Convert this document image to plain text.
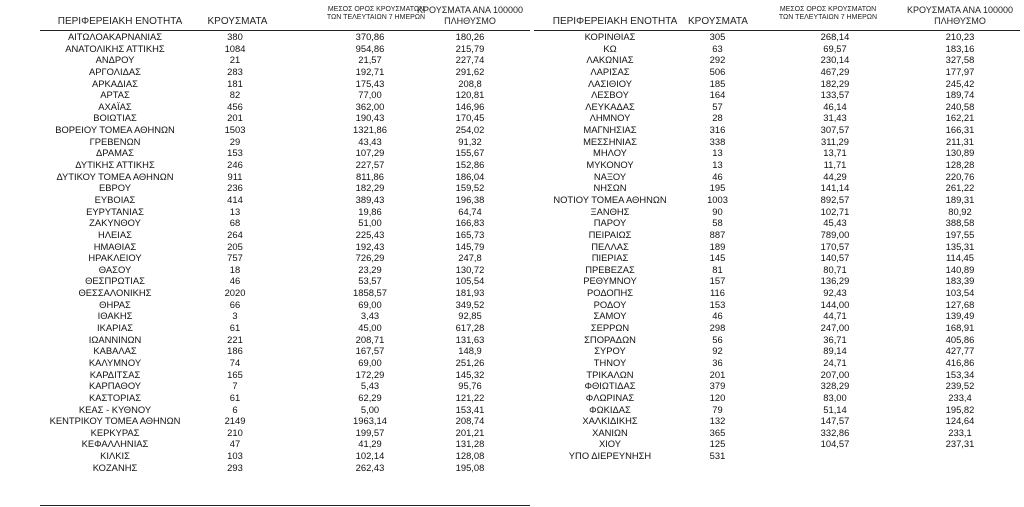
ΠΕΡΙΦΕΡΕΙΑΚΗ ΕΝΟΤΗΤΑ	ΚΡΟΥΣΜΑΤΑ
ΜΕΣΟΣ ΟΡΟΣ ΚΡΟΥΣΜΑΤΩΝ
ΤΩΝ ΤΕΛΕΥΤΑΙΩΝ 7 ΗΜΕΡΩΝ
ΚΡΟΥΣΜΑΤΑ ΑΝΑ 100000
ΠΛΗΘΥΣΜΟ
ΑΙΤΩΛΟΑΚΑΡΝΑΝΙΑΣ	380	370,86	180,26
ΑΝΑΤΟΛΙΚΗΣ ΑΤΤΙΚΗΣ	1084	954,86	215,79
ΑΝΔΡΟΥ	21	21,57	227,74
ΑΡΓΟΛΙΔΑΣ	283	192,71	291,62
ΑΡΚΑΔΙΑΣ	181	175,43	208,8
ΑΡΤΑΣ	82	77,00	120,81
ΑΧΑΪΑΣ	456	362,00	146,96
ΒΟΙΩΤΙΑΣ	201	190,43	170,45
ΒΟΡΕΙΟΥ ΤΟΜΕΑ ΑΘΗΝΩΝ	1503	1321,86	254,02
ΓΡΕΒΕΝΩΝ	29	43,43	91,32
ΔΡΑΜΑΣ	153	107,29	155,67
ΔΥΤΙΚΗΣ ΑΤΤΙΚΗΣ	246	227,57	152,86
ΔΥΤΙΚΟΥ ΤΟΜΕΑ ΑΘΗΝΩΝ	911	811,86	186,04
ΕΒΡΟΥ	236	182,29	159,52
ΕΥΒΟΙΑΣ	414	389,43	196,38
ΕΥΡΥΤΑΝΙΑΣ	13	19,86	64,74
ΖΑΚΥΝΘΟΥ	68	51,00	166,83
ΗΛΕΙΑΣ	264	225,43	165,73
ΗΜΑΘΙΑΣ	205	192,43	145,79
ΗΡΑΚΛΕΙΟΥ	757	726,29	247,8
ΘΑΣΟΥ	18	23,29	130,72
ΘΕΣΠΡΩΤΙΑΣ	46	53,57	105,54
ΘΕΣΣΑΛΟΝΙΚΗΣ	2020	1858,57	181,93
ΘΗΡΑΣ	66	69,00	349,52
ΙΘΑΚΗΣ	3	3,43	92,85
ΙΚΑΡΙΑΣ	61	45,00	617,28
ΙΩΑΝΝΙΝΩΝ	221	208,71	131,63
ΚΑΒΑΛΑΣ	186	167,57	148,9
ΚΑΛΥΜΝΟΥ	74	69,00	251,26
ΚΑΡΔΙΤΣΑΣ	165	172,29	145,32
ΚΑΡΠΑΘΟΥ	7	5,43	95,76
ΚΑΣΤΟΡΙΑΣ	61	62,29	121,22
ΚΕΑΣ - ΚΥΘΝΟΥ	6	5,00	153,41
ΚΕΝΤΡΙΚΟΥ ΤΟΜΕΑ ΑΘΗΝΩΝ	2149	1963,14	208,74
ΚΕΡΚΥΡΑΣ	210	199,57	201,21
ΚΕΦΑΛΛΗΝΙΑΣ	47	41,29	131,28
ΚΙΛΚΙΣ	103	102,14	128,08
ΚΟΖΑΝΗΣ	293	262,43	195,08
ΠΕΡΙΦΕΡΕΙΑΚΗ ΕΝΟΤΗΤΑ	ΚΡΟΥΣΜΑΤΑ
ΜΕΣΟΣ ΟΡΟΣ ΚΡΟΥΣΜΑΤΩΝ
ΤΩΝ ΤΕΛΕΥΤΑΙΩΝ 7 ΗΜΕΡΩΝ
ΚΡΟΥΣΜΑΤΑ ΑΝΑ 100000
ΠΛΗΘΥΣΜΟ
ΚΟΡΙΝΘΙΑΣ	305	268,14	210,23
ΚΩ	63	69,57	183,16
ΛΑΚΩΝΙΑΣ	292	230,14	327,58
ΛΑΡΙΣΑΣ	506	467,29	177,97
ΛΑΣΙΘΙΟΥ	185	182,29	245,42
ΛΕΣΒΟΥ	164	133,57	189,74
ΛΕΥΚΑΔΑΣ	57	46,14	240,58
ΛΗΜΝΟΥ	28	31,43	162,21
ΜΑΓΝΗΣΙΑΣ	316	307,57	166,31
ΜΕΣΣΗΝΙΑΣ	338	311,29	211,31
ΜΗΛΟΥ	13	13,71	130,89
ΜΥΚΟΝΟΥ	13	11,71	128,28
ΝΑΞΟΥ	46	44,29	220,76
ΝΗΣΩΝ	195	141,14	261,22
ΝΟΤΙΟΥ ΤΟΜΕΑ ΑΘΗΝΩΝ	1003	892,57	189,31
ΞΑΝΘΗΣ	90	102,71	80,92
ΠΑΡΟΥ	58	45,43	388,58
ΠΕΙΡΑΙΩΣ	887	789,00	197,55
ΠΕΛΛΑΣ	189	170,57	135,31
ΠΙΕΡΙΑΣ	145	140,57	114,45
ΠΡΕΒΕΖΑΣ	81	80,71	140,89
ΡΕΘΥΜΝΟΥ	157	136,29	183,39
ΡΟΔΟΠΗΣ	116	92,43	103,54
ΡΟΔΟΥ	153	144,00	127,68
ΣΑΜΟΥ	46	44,71	139,49
ΣΕΡΡΩΝ	298	247,00	168,91
ΣΠΟΡΑΔΩΝ	56	36,71	405,86
ΣΥΡΟΥ	92	89,14	427,77
ΤΗΝΟΥ	36	24,71	416,86
ΤΡΙΚΑΛΩΝ	201	207,00	153,34
ΦΘΙΩΤΙΔΑΣ	379	328,29	239,52
ΦΛΩΡΙΝΑΣ	120	83,00	233,4
ΦΩΚΙΔΑΣ	79	51,14	195,82
ΧΑΛΚΙΔΙΚΗΣ	132	147,57	124,64
ΧΑΝΙΩΝ	365	332,86	233,1
ΧΙΟΥ	125	104,57	237,31
ΥΠΟ ΔΙΕΡΕΥΝΗΣΗ	531
